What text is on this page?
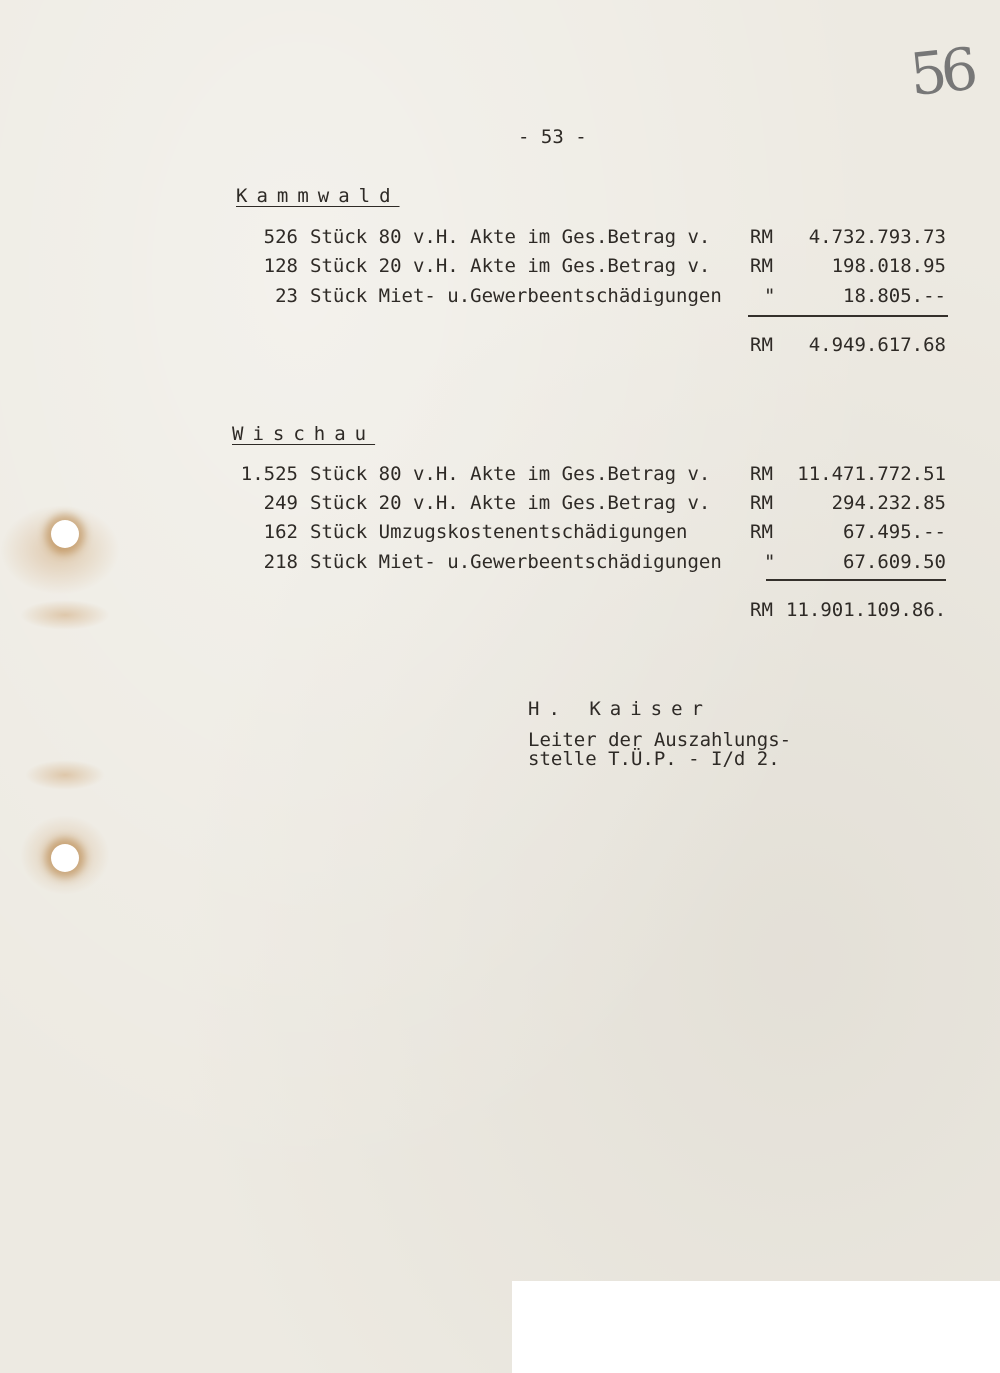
56
- 53 -
Kammwald
526 Stück 80 v.H. Akte im Ges.Betrag v. RM	4.732.793.73
128 Stück 20 v.H. Akte im Ges.Betrag v. RM	198.018.95
23 Stück Miet- u.Gewerbeentschädigungen "	18.805.--
RM	4.949.617.68
Wischau
1.525 Stück 80 v.H. Akte im Ges.Betrag v. RM	11.471.772.51
249 Stück 20 v.H. Akte im Ges.Betrag v. RM	294.232.85
162 Stück Umzugskostenentschädigungen	RM	67.495.--
218 Stück Miet- u.Gewerbeentschädigungen "	67.609.50
RM 11.901.109.86.
H. Kaiser
Leiter der Auszahlungs-
stelle T.Ü.P. - I/d 2.
